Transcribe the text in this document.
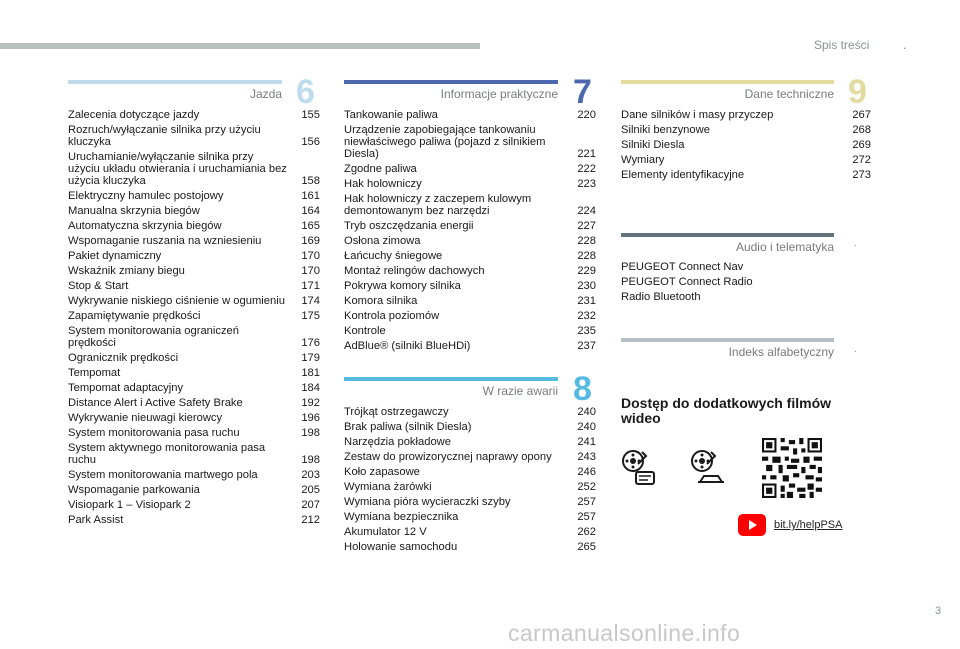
Spis treści	.
Jazda 6
Zalecenia dotyczące jazdy	155
Rozruch/wyłączanie silnika przy użyciu kluczyka	156
Uruchamianie/wyłączanie silnika przy użyciu układu otwierania i uruchamiania bez użycia kluczyka	158
Elektryczny hamulec postojowy	161
Manualna skrzynia biegów	164
Automatyczna skrzynia biegów	165
Wspomaganie ruszania na wzniesieniu	169
Pakiet dynamiczny	170
Wskaźnik zmiany biegu	170
Stop & Start	171
Wykrywanie niskiego ciśnienie w ogumieniu 174
Zapamiętywanie prędkości	175
System monitorowania ograniczeń prędkości	176
Ogranicznik prędkości	179
Tempomat	181
Tempomat adaptacyjny	184
Distance Alert i Active Safety Brake	192
Wykrywanie nieuwagi kierowcy	196
System monitorowania pasa ruchu	198
System aktywnego monitorowania pasa ruchu	198
System monitorowania martwego pola	203
Wspomaganie parkowania	205
Visiopark 1 – Visiopark 2	207
Park Assist	212
Informacje praktyczne 7
Tankowanie paliwa	220
Urządzenie zapobiegające tankowaniu niewłaściwego paliwa (pojazd z silnikiem Diesla)	221
Zgodne paliwa	222
Hak holowniczy	223
Hak holowniczy z zaczepem kulowym demontowanym bez narzędzi	224
Tryb oszczędzania energii	227
Osłona zimowa	228
Łańcuchy śniegowe	228
Montaż relingów dachowych	229
Pokrywa komory silnika	230
Komora silnika	231
Kontrola poziomów	232
Kontrole	235
AdBlue® (silniki BlueHDi)	237
W razie awarii 8
Trójkąt ostrzegawczy	240
Brak paliwa (silnik Diesla)	240
Narzędzia pokładowe	241
Zestaw do prowizorycznej naprawy opony	243
Koło zapasowe	246
Wymiana żarówki	252
Wymiana pióra wycieraczki szyby	257
Wymiana bezpiecznika	257
Akumulator 12 V	262
Holowanie samochodu	265
Dane techniczne 9
Dane silników i masy przyczep	267
Silniki benzynowe	268
Silniki Diesla	269
Wymiary	272
Elementy identyfikacyjne	273
Audio i telematyka .
PEUGEOT Connect Nav
PEUGEOT Connect Radio
Radio Bluetooth
Indeks alfabetyczny .
Dostęp do dodatkowych filmów wideo
bit.ly/helpPSA
3
carmanualsonline.info
